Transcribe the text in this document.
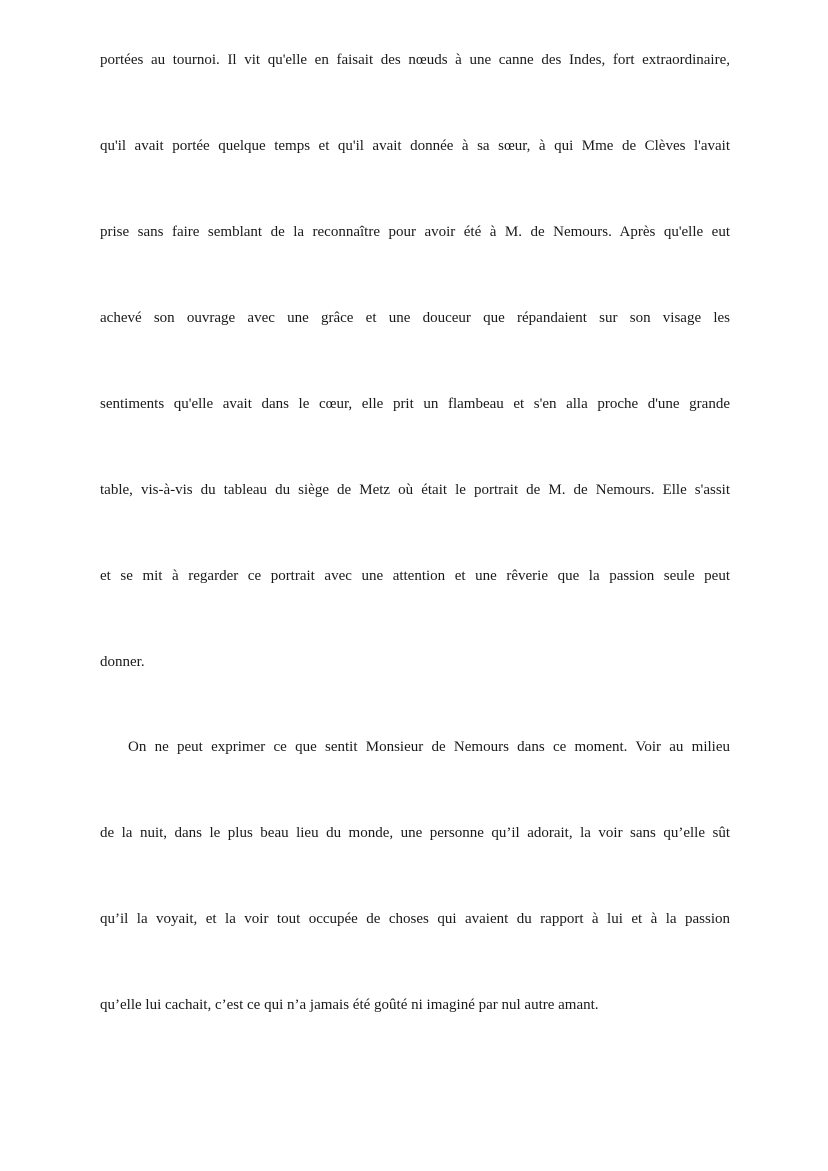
portées au tournoi. Il vit qu'elle en faisait des nœuds à une canne des Indes, fort extraordinaire,
qu'il avait portée quelque temps et qu'il avait donnée à sa sœur, à qui Mme de Clèves l'avait
prise sans faire semblant de la reconnaître pour avoir été à M. de Nemours. Après qu'elle eut
achevé son ouvrage avec une grâce et une douceur que répandaient sur son visage les
sentiments qu'elle avait dans le cœur, elle prit un flambeau et s'en alla proche d'une grande
table, vis-à-vis du tableau du siège de Metz où était le portrait de M. de Nemours. Elle s'assit
et se mit à regarder ce portrait avec une attention et une rêverie que la passion seule peut
donner.
On ne peut exprimer ce que sentit Monsieur de Nemours dans ce moment. Voir au milieu
de la nuit, dans le plus beau lieu du monde, une personne qu’il adorait, la voir sans qu’elle sût
qu’il la voyait, et la voir tout occupée de choses qui avaient du rapport à lui et à la passion
qu’elle lui cachait, c’est ce qui n’a jamais été goûté ni imaginé par nul autre amant.
